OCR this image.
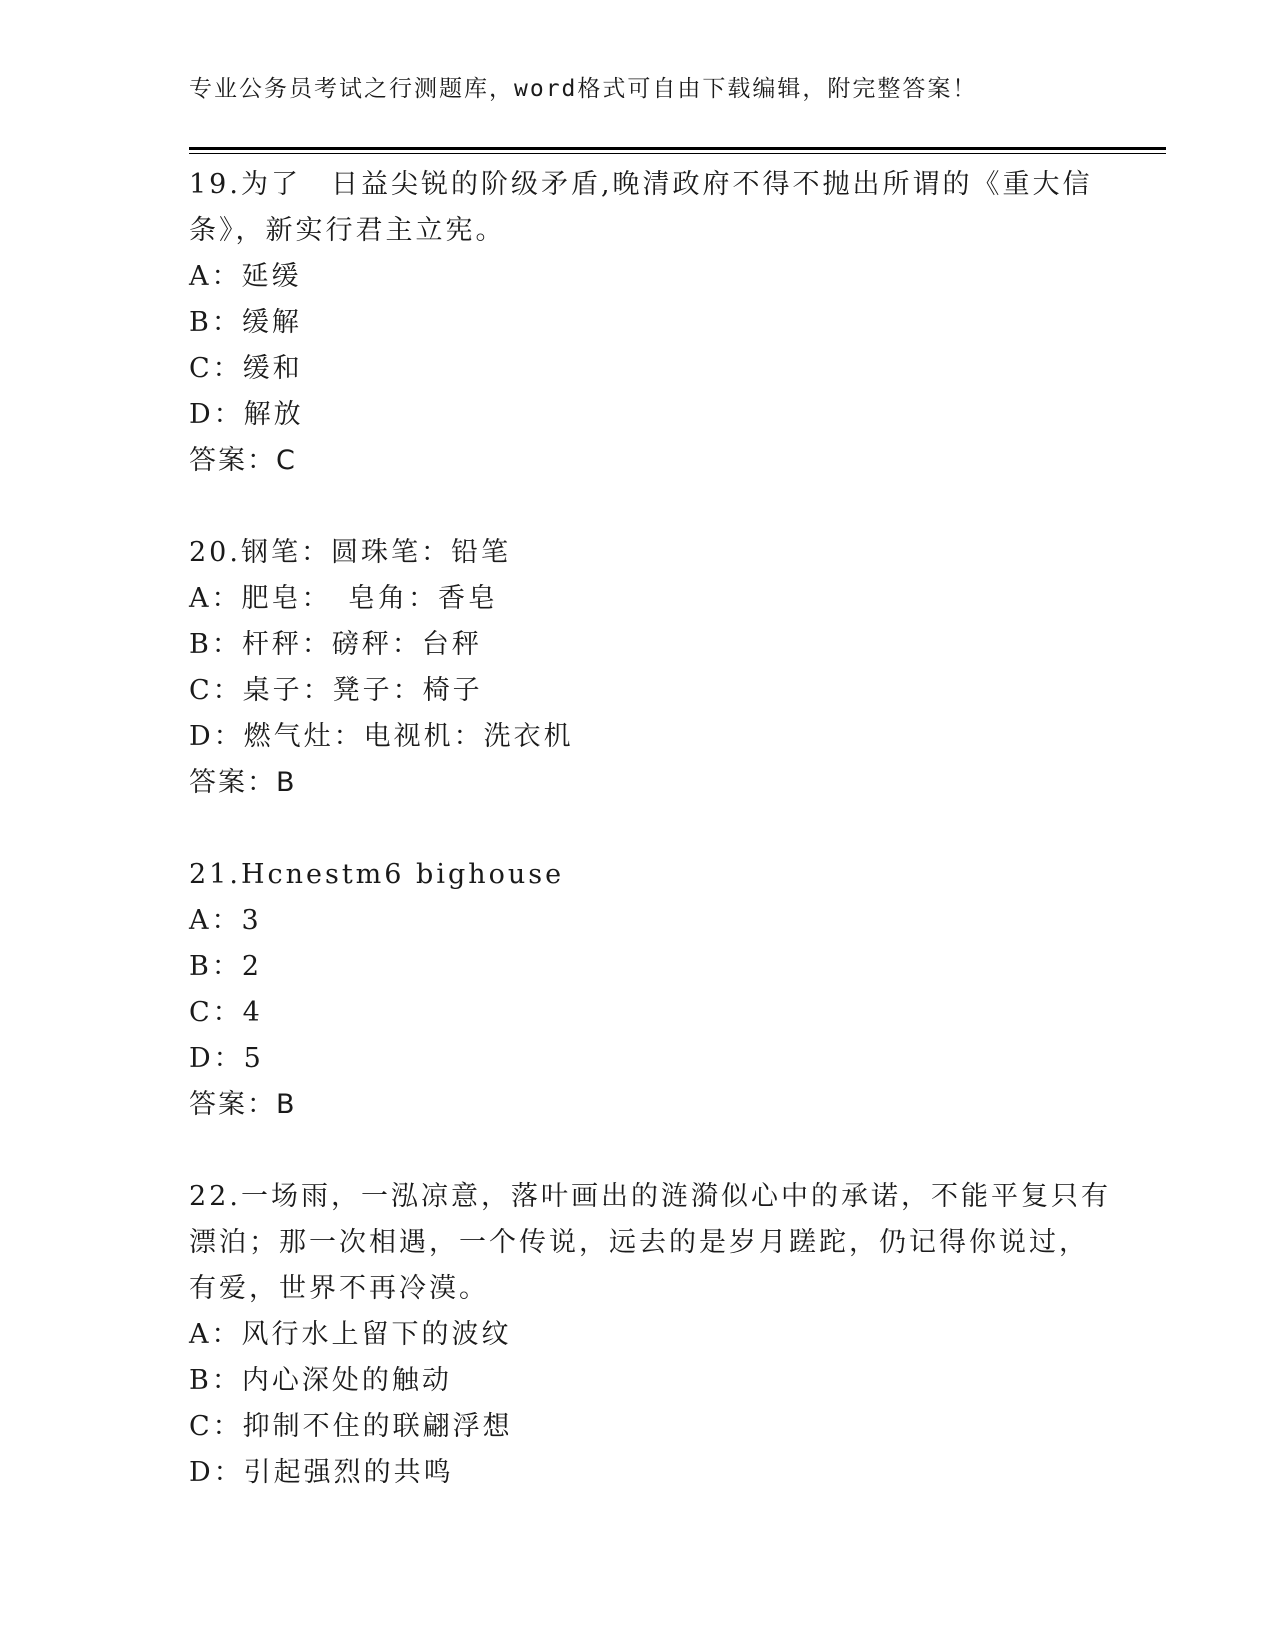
专业公务员考试之行测题库，word格式可自由下载编辑，附完整答案！
19.为了　日益尖锐的阶级矛盾,晚清政府不得不抛出所谓的《重大信
条》，新实行君主立宪。
A：延缓
B：缓解
C：缓和
D：解放
答案：C
20.钢笔：圆珠笔：铅笔
A：肥皂：　皂角：香皂
B：杆秤：磅秤：台秤
C：桌子：凳子：椅子
D：燃气灶：电视机：洗衣机
答案：B
21.Hcnestm6 bighouse
A：3
B：2
C：4
D：5
答案：B
22.一场雨，一泓凉意，落叶画出的涟漪似心中的承诺，不能平复只有
漂泊；那一次相遇，一个传说，远去的是岁月蹉跎，仍记得你说过，
有爱，世界不再冷漠。
A：风行水上留下的波纹
B：内心深处的触动
C：抑制不住的联翩浮想
D：引起强烈的共鸣
